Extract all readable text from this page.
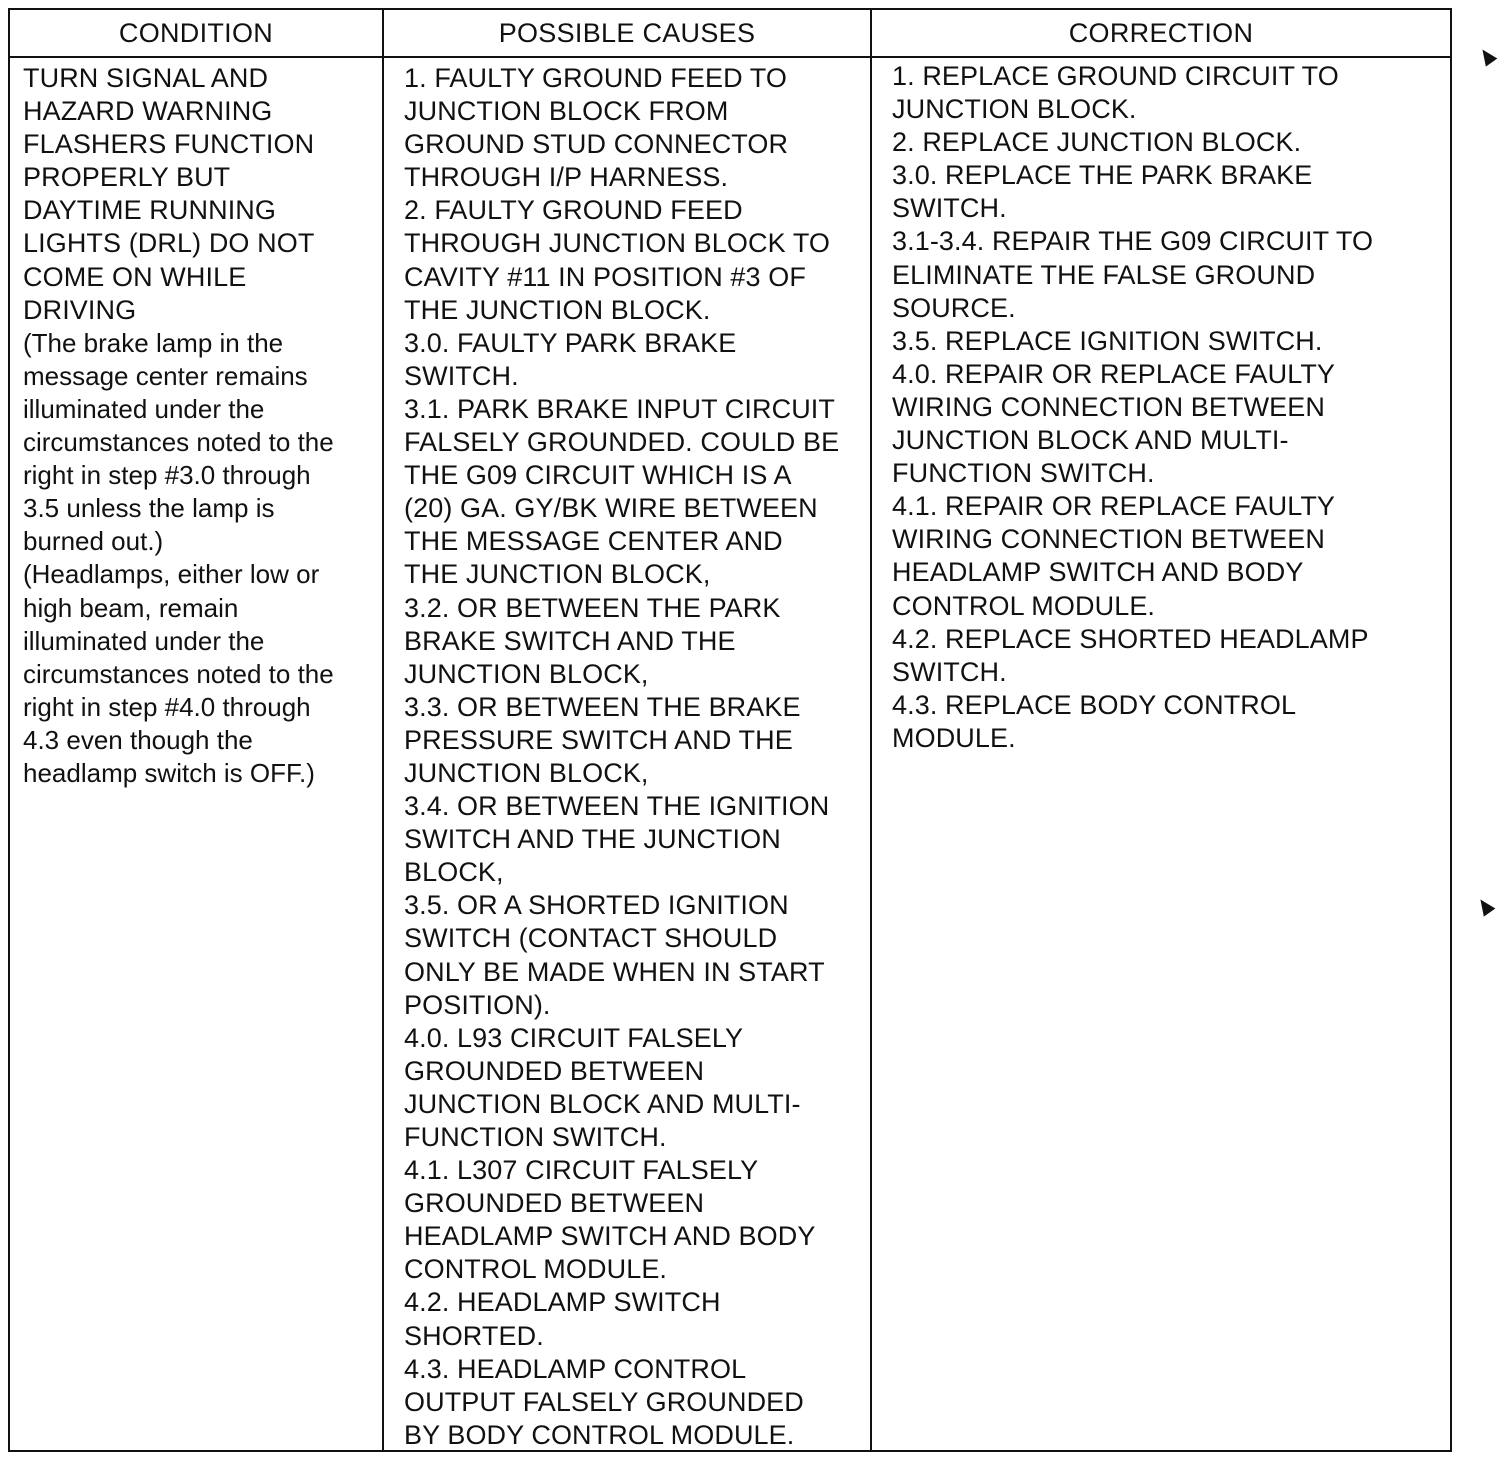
CONDITION
TURN SIGNAL AND
HAZARD WARNING
FLASHERS FUNCTION
PROPERLY BUT
DAYTIME RUNNING
LIGHTS (DRL) DO NOT
COME ON WHILE
DRIVING
(The brake lamp in the
message center remains
illuminated under the
circumstances noted to the
right in step #3.0 through
3.5 unless the lamp is
burned out.)
(Headlamps, either low or
high beam, remain
illuminated under the
circumstances noted to the
right in step #4.0 through
4.3 even though the
headlamp switch is OFF.)
POSSIBLE CAUSES
1. FAULTY GROUND FEED TO
JUNCTION BLOCK FROM
GROUND STUD CONNECTOR
THROUGH I/P HARNESS.
2. FAULTY GROUND FEED
THROUGH JUNCTION BLOCK TO
CAVITY #11 IN POSITION #3 OF
THE JUNCTION BLOCK.
3.0. FAULTY PARK BRAKE
SWITCH.
3.1. PARK BRAKE INPUT CIRCUIT
FALSELY GROUNDED. COULD BE
THE G09 CIRCUIT WHICH IS A
(20) GA. GY/BK WIRE BETWEEN
THE MESSAGE CENTER AND
THE JUNCTION BLOCK,
3.2. OR BETWEEN THE PARK
BRAKE SWITCH AND THE
JUNCTION BLOCK,
3.3. OR BETWEEN THE BRAKE
PRESSURE SWITCH AND THE
JUNCTION BLOCK,
3.4. OR BETWEEN THE IGNITION
SWITCH AND THE JUNCTION
BLOCK,
3.5. OR A SHORTED IGNITION
SWITCH (CONTACT SHOULD
ONLY BE MADE WHEN IN START
POSITION).
4.0. L93 CIRCUIT FALSELY
GROUNDED BETWEEN
JUNCTION BLOCK AND MULTI-
FUNCTION SWITCH.
4.1. L307 CIRCUIT FALSELY
GROUNDED BETWEEN
HEADLAMP SWITCH AND BODY
CONTROL MODULE.
4.2. HEADLAMP SWITCH
SHORTED.
4.3. HEADLAMP CONTROL
OUTPUT FALSELY GROUNDED
BY BODY CONTROL MODULE.
CORRECTION
1. REPLACE GROUND CIRCUIT TO
JUNCTION BLOCK.
2. REPLACE JUNCTION BLOCK.
3.0. REPLACE THE PARK BRAKE
SWITCH.
3.1-3.4. REPAIR THE G09 CIRCUIT TO
ELIMINATE THE FALSE GROUND
SOURCE.
3.5. REPLACE IGNITION SWITCH.
4.0. REPAIR OR REPLACE FAULTY
WIRING CONNECTION BETWEEN
JUNCTION BLOCK AND MULTI-
FUNCTION SWITCH.
4.1. REPAIR OR REPLACE FAULTY
WIRING CONNECTION BETWEEN
HEADLAMP SWITCH AND BODY
CONTROL MODULE.
4.2. REPLACE SHORTED HEADLAMP
SWITCH.
4.3. REPLACE BODY CONTROL
MODULE.
